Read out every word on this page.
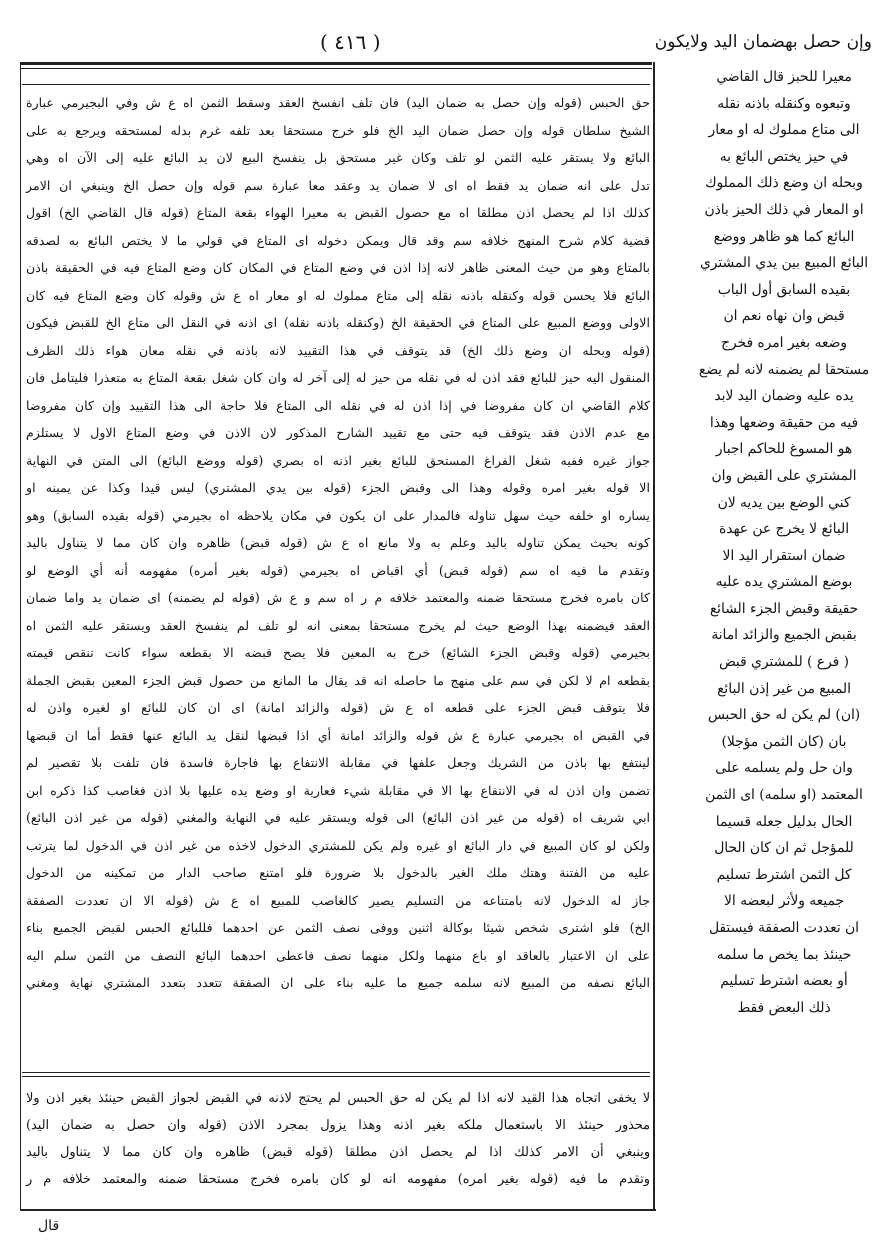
وإن حصل بهضمان اليد ولايكون
( ٤١٦ )
معيرا للحبز قال القاضي
وتبعوه وكنقله باذنه نقله
الى متاع مملوك له او معار
في حيز يختص البائع به
وبحله ان وضع ذلك المملوك
او المعار في ذلك الحيز باذن
البائع كما هو ظاهر ووضع
البائع المبيع بين يدي المشتري
بقيده السابق أول الباب
قبض وان نهاه نعم ان
وضعه بغير امره فخرج
مستحقا لم يضمنه لانه لم يضع
يده عليه وضمان اليد لابد
فيه من حقيقة وضعها وهذا
هو المسوغ للحاكم اجبار
المشتري على القبض وان
كني الوضع بين يديه لان
البائع لا يخرج عن عهدة
ضمان استقرار اليد الا
بوضع المشتري يده عليه
حقيقة وقبض الجزء الشائع
بقبض الجميع والزائد امانة
( فرع ) للمشتري قبض
المبيع من غير إذن البائع
(ان) لم يكن له حق الحبس
بان (كان الثمن مؤجلا)
وان حل ولم يسلمه على
المعتمد (او سلمه) اى الثمن
الحال بدليل جعله قسيما
للمؤجل ثم ان كان الحال
كل الثمن اشترط تسليم
جميعه ولأثر لبعضه الا
ان تعددت الصفقة فيستقل
حينئذ بما يخص ما سلمه
أو بعضه اشترط تسليم
ذلك البعض فقط
حق الحبس (قوله وإن حصل به ضمان اليد) فان تلف انفسخ العقد وسقط الثمن اه ع ش وفي البجيرمي عبارة
الشيخ سلطان قوله وإن حصل ضمان اليد الخ فلو خرج مستحقا بعد تلفه غرم بدله لمستحقه ويرجع به على
البائع ولا يستقر عليه الثمن لو تلف وكان غير مستحق بل ينفسخ البيع لان يد البائع عليه إلى الآن اه وهي
تدل على انه ضمان يد فقط اه اى لا ضمان يد وعقد معا عبارة سم قوله وإن حصل الخ وينبغي ان الامر
كذلك اذا لم يحصل اذن مطلقا اه مع حصول القبض به معيرا الهواء بقعة المتاع (قوله قال القاضي الخ) اقول
قضية كلام شرح المنهج خلافه سم وقد قال ويمكن دخوله اى المتاع في قولي ما لا يختص البائع به لصدقه
بالمتاع وهو من حيث المعنى ظاهر لانه إذا اذن في وضع المتاع في المكان كان وضع المتاع فيه في الحقيقة باذن
البائع فلا يحسن قوله وكنقله باذنه نقله إلى متاع مملوك له او معار اه ع ش وقوله كان وضع المتاع فيه كان
الاولى ووضع المبيع على المتاع في الحقيقة الخ (وكنقله باذنه نقله) اى اذنه في النقل الى متاع الخ للقبض فيكون
(قوله وبحله ان وضع ذلك الخ) قد يتوقف في هذا التقييد لانه باذنه في نقله معان هواء ذلك الظرف
المنقول اليه حيز للبائع فقد اذن له في نقله من حيز له إلى آخر له وان كان شغل بقعة المتاع به متعذرا فليتامل فان
كلام القاضي ان كان مفروضا في إذا اذن له في نقله الى المتاع فلا حاجة الى هذا التقييد وإن كان مفروضا
مع عدم الاذن فقد يتوقف فيه حتى مع تقييد الشارح المذكور لان الاذن في وضع المتاع الاول لا يستلزم
جواز غيره ففيه شغل الفراغ المستحق للبائع بغير اذنه اه بصري (قوله ووضع البائع) الى المتن في النهاية
الا قوله بغير امره وقوله وهذا الى وقبض الجزء (قوله بين يدي المشتري) ليس قيدا وكذا عن يمينه او
يساره او خلفه حيث سهل تناوله فالمدار على ان يكون في مكان يلاحظه اه بجيرمي (قوله بقيده السابق) وهو
كونه بحيث يمكن تناوله باليد وعلم به ولا مانع اه ع ش (قوله قبض) ظاهره وان كان مما لا يتناول باليد
وتقدم ما فيه اه سم (قوله قبض) أي اقباض اه بجيرمي (قوله بغير أمره) مفهومه أنه أي الوضع لو
كان بامره فخرج مستحقا ضمنه والمعتمد خلافه م ر اه سم و ع ش (قوله لم يضمنه) اى ضمان يد واما ضمان
العقد فيضمنه بهذا الوضع حيث لم يخرج مستحقا بمعنى انه لو تلف لم ينفسخ العقد ويستقر عليه الثمن اه
بجيرمي (قوله وقبض الجزء الشائع) خرج به المعين فلا يصح قبضه الا بقطعه سواء كانت تنقص قيمته
بقطعه ام لا لكن في سم على منهج ما حاصله انه قد يقال ما المانع من حصول قبض الجزء المعين بقبض الجملة
فلا يتوقف قبض الجزء على قطعه اه ع ش (قوله والزائد امانة) اى ان كان للبائع او لغيره واذن له
في القبض اه بجيرمي عبارة ع ش قوله والزائد امانة أي اذا قبضها لنقل يد البائع عنها فقط أما ان قبضها
لينتفع بها باذن من الشريك وجعل علفها في مقابلة الانتفاع بها فاجارة فاسدة فان تلفت بلا تقصير لم
تضمن وان اذن له في الانتفاع بها الا في مقابلة شيء فعارية او وضع يده عليها بلا اذن فغاصب كذا ذكره ابن
ابي شريف اه (قوله من غير اذن البائع) الى قوله ويستقر عليه في النهاية والمغني (قوله من غير اذن البائع)
ولكن لو كان المبيع في دار البائع او غيره ولم يكن للمشتري الدخول لاخذه من غير اذن في الدخول لما يترتب
عليه من الفتنة وهتك ملك الغير بالدخول بلا ضرورة فلو امتنع صاحب الدار من تمكينه من الدخول
جاز له الدخول لانه بامتناعه من التسليم يصير كالغاصب للمبيع اه ع ش (قوله الا ان تعددت الصفقة
الخ) فلو اشترى شخص شيئا بوكالة اثنين ووفى نصف الثمن عن احدهما فللبائع الحبس لقبض الجميع بناء
على ان الاعتبار بالعاقد او باع منهما ولكل منهما نصف فاعطى احدهما البائع النصف من الثمن سلم اليه
البائع نصفه من المبيع لانه سلمه جميع ما عليه بناء على ان الصفقة تتعدد بتعدد المشتري نهاية ومغني
لا يخفى اتجاه هذا القيد لانه اذا لم يكن له حق الحبس لم يحتج لاذنه في القبض لجواز القبض حينئذ بغير اذن ولا
محذور حينئذ الا باستعمال ملكه بغير اذنه وهذا يزول بمجرد الاذن (قوله وان حصل به ضمان اليد)
وينبغي أن الامر كذلك اذا لم يحصل اذن مطلقا (قوله قبض) ظاهره وان كان مما لا يتناول باليد
وتقدم ما فيه (قوله بغير امره) مفهومه انه لو كان بامره فخرج مستحقا ضمنه والمعتمد خلافه م ر
قال
